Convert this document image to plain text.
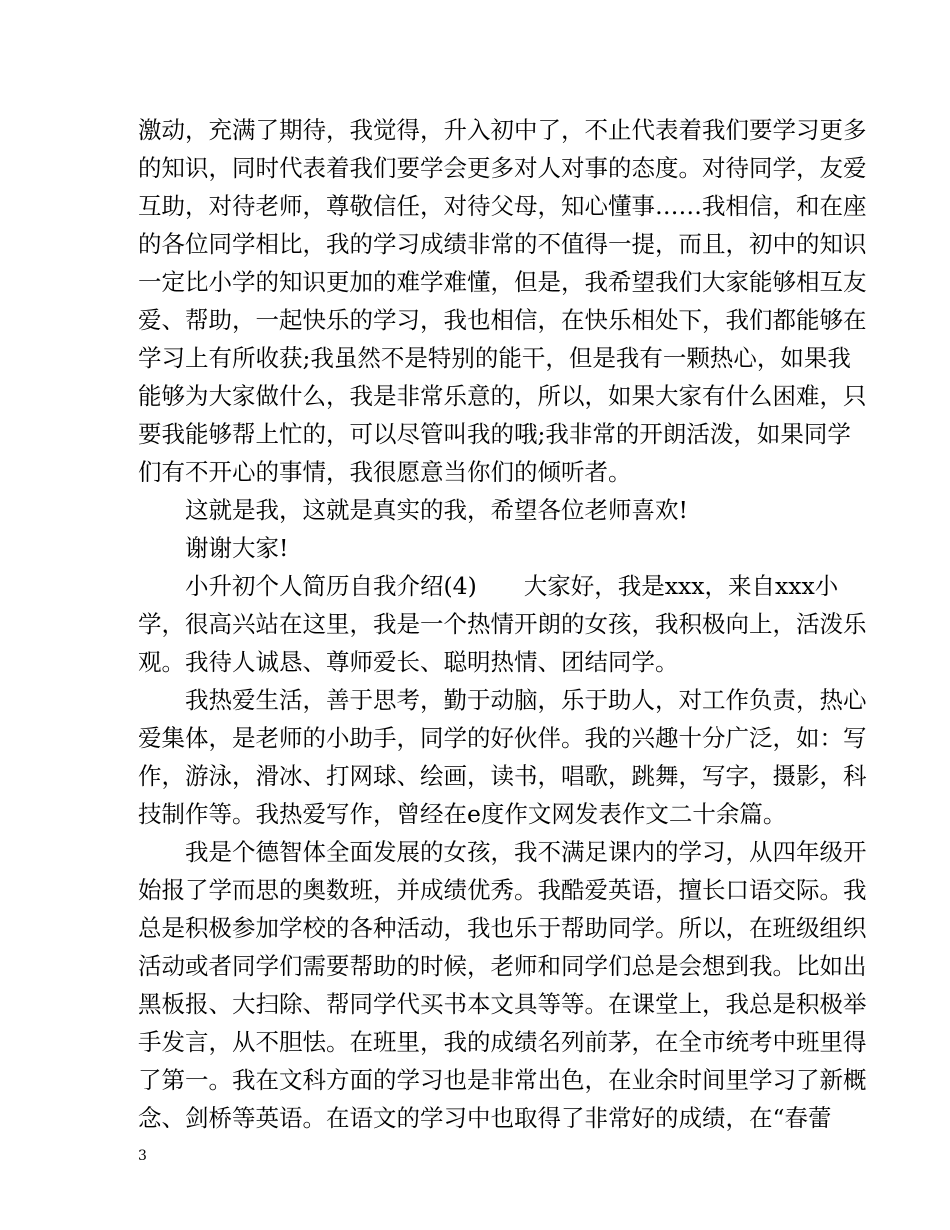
激动，充满了期待，我觉得，升入初中了，不止代表着我们要学习更多
的知识，同时代表着我们要学会更多对人对事的态度。对待同学，友爱
互助，对待老师，尊敬信任，对待父母，知心懂事……我相信，和在座
的各位同学相比，我的学习成绩非常的不值得一提，而且，初中的知识
一定比小学的知识更加的难学难懂，但是，我希望我们大家能够相互友
爱、帮助，一起快乐的学习，我也相信，在快乐相处下，我们都能够在
学习上有所收获;我虽然不是特别的能干，但是我有一颗热心，如果我
能够为大家做什么，我是非常乐意的，所以，如果大家有什么困难，只
要我能够帮上忙的，可以尽管叫我的哦;我非常的开朗活泼，如果同学
们有不开心的事情，我很愿意当你们的倾听者。
这就是我，这就是真实的我，希望各位老师喜欢!
谢谢大家!
小升初个人简历自我介绍(4)　　大家好，我是xxx，来自xxx小
学，很高兴站在这里，我是一个热情开朗的女孩，我积极向上，活泼乐
观。我待人诚恳、尊师爱长、聪明热情、团结同学。
我热爱生活，善于思考，勤于动脑，乐于助人，对工作负责，热心
爱集体，是老师的小助手，同学的好伙伴。我的兴趣十分广泛，如：写
作，游泳，滑冰、打网球、绘画，读书，唱歌，跳舞，写字，摄影，科
技制作等。我热爱写作，曾经在e度作文网发表作文二十余篇。
我是个德智体全面发展的女孩，我不满足课内的学习，从四年级开
始报了学而思的奥数班，并成绩优秀。我酷爱英语，擅长口语交际。我
总是积极参加学校的各种活动，我也乐于帮助同学。所以，在班级组织
活动或者同学们需要帮助的时候，老师和同学们总是会想到我。比如出
黑板报、大扫除、帮同学代买书本文具等等。在课堂上，我总是积极举
手发言，从不胆怯。在班里，我的成绩名列前茅，在全市统考中班里得
了第一。我在文科方面的学习也是非常出色，在业余时间里学习了新概
念、剑桥等英语。在语文的学习中也取得了非常好的成绩，在“春蕾
3
